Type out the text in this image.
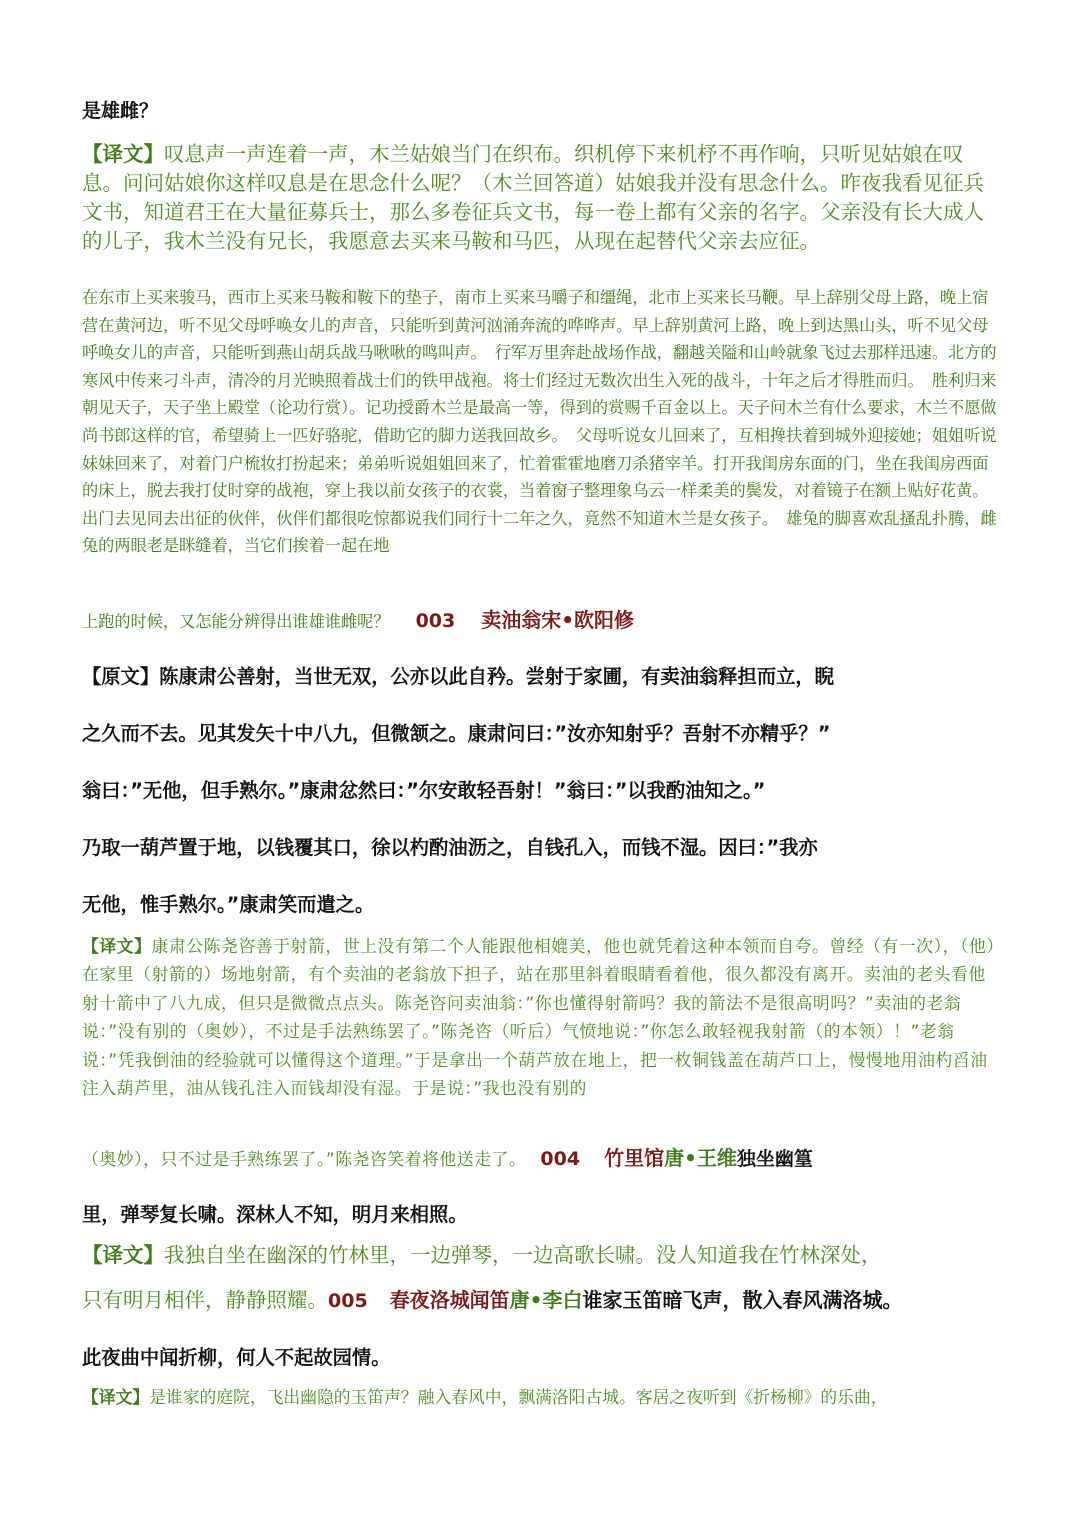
是雄雌？

【译文】叹息声一声连着一声，木兰姑娘当门在织布。织机停下来机杼不再作响，只听见姑娘在叹息。问问姑娘你这样叹息是在思念什么呢？（木兰回答道）姑娘我并没有思念什么。昨夜我看见征兵文书，知道君王在大量征募兵士，那么多卷征兵文书，每一卷上都有父亲的名字。父亲没有长大成人的儿子，我木兰没有兄长，我愿意去买来马鞍和马匹，从现在起替代父亲去应征。

在东市上买来骏马，西市上买来马鞍和鞍下的垫子，南市上买来马嚼子和缰绳，北市上买来长马鞭。早上辞别父母上路，晚上宿营在黄河边，听不见父母呼唤女儿的声音，只能听到黄河汹涌奔流的哗哗声。早上辞别黄河上路，晚上到达黑山头，听不见父母呼唤女儿的声音，只能听到燕山胡兵战马啾啾的鸣叫声。　行军万里奔赴战场作战，翻越关隘和山岭就象飞过去那样迅速。北方的寒风中传来刁斗声，清冷的月光映照着战士们的铁甲战袍。将士们经过无数次出生入死的战斗，十年之后才得胜而归。　胜利归来朝见天子，天子坐上殿堂（论功行赏）。记功授爵木兰是最高一等，得到的赏赐千百金以上。天子问木兰有什么要求，木兰不愿做尚书郎这样的官，希望骑上一匹好骆驼，借助它的脚力送我回故乡。　父母听说女儿回来了，互相搀扶着到城外迎接她；姐姐听说妹妹回来了，对着门户梳妆打扮起来；弟弟听说姐姐回来了，忙着霍霍地磨刀杀猪宰羊。打开我闺房东面的门，坐在我闺房西面的床上，脱去我打仗时穿的战袍，穿上我以前女孩子的衣裳，当着窗子整理象乌云一样柔美的鬓发，对着镜子在额上贴好花黄。出门去见同去出征的伙伴，伙伴们都很吃惊都说我们同行十二年之久，竟然不知道木兰是女孩子。　雄兔的脚喜欢乱搔乱扑腾，雌兔的两眼老是眯缝着，当它们挨着一起在地

上跑的时候，又怎能分辨得出谁雄谁雌呢？ 003 卖油翁宋•欧阳修

【原文】陈康肃公善射，当世无双，公亦以此自矜。尝射于家圃，有卖油翁释担而立，睨
之久而不去。见其发矢十中八九，但微颔之。康肃问曰：”汝亦知射乎？吾射不亦精乎？”
翁曰：”无他，但手熟尔。”康肃忿然曰：”尔安敢轻吾射！”翁曰：”以我酌油知之。”
乃取一葫芦置于地，以钱覆其口，徐以杓酌油沥之，自钱孔入，而钱不湿。因曰：”我亦
无他，惟手熟尔。”康肃笑而遣之。

【译文】康肃公陈尧咨善于射箭，世上没有第二个人能跟他相媲美，他也就凭着这种本领而自夸。曾经（有一次），（他）在家里（射箭的）场地射箭，有个卖油的老翁放下担子，站在那里斜着眼睛看着他，很久都没有离开。卖油的老头看他射十箭中了八九成，但只是微微点点头。陈尧咨问卖油翁：”你也懂得射箭吗？我的箭法不是很高明吗？”卖油的老翁说：”没有别的（奥妙），不过是手法熟练罢了。”陈尧咨（听后）气愤地说：”你怎么敢轻视我射箭（的本领）！”老翁说：”凭我倒油的经验就可以懂得这个道理。”于是拿出一个葫芦放在地上，把一枚铜钱盖在葫芦口上，慢慢地用油杓舀油注入葫芦里，油从钱孔注入而钱却没有湿。于是说：”我也没有别的

（奥妙），只不过是手熟练罢了。”陈尧咨笑着将他送走了。 004 竹里馆唐•王维独坐幽篁

里，弹琴复长啸。深林人不知，明月来相照。

【译文】我独自坐在幽深的竹林里，一边弹琴，一边高歌长啸。没人知道我在竹林深处，

只有明月相伴，静静照耀。005 春夜洛城闻笛唐•李白谁家玉笛暗飞声，散入春风满洛城。

此夜曲中闻折柳，何人不起故园情。

【译文】是谁家的庭院，飞出幽隐的玉笛声？融入春风中，飘满洛阳古城。客居之夜听到《折杨柳》的乐曲，
